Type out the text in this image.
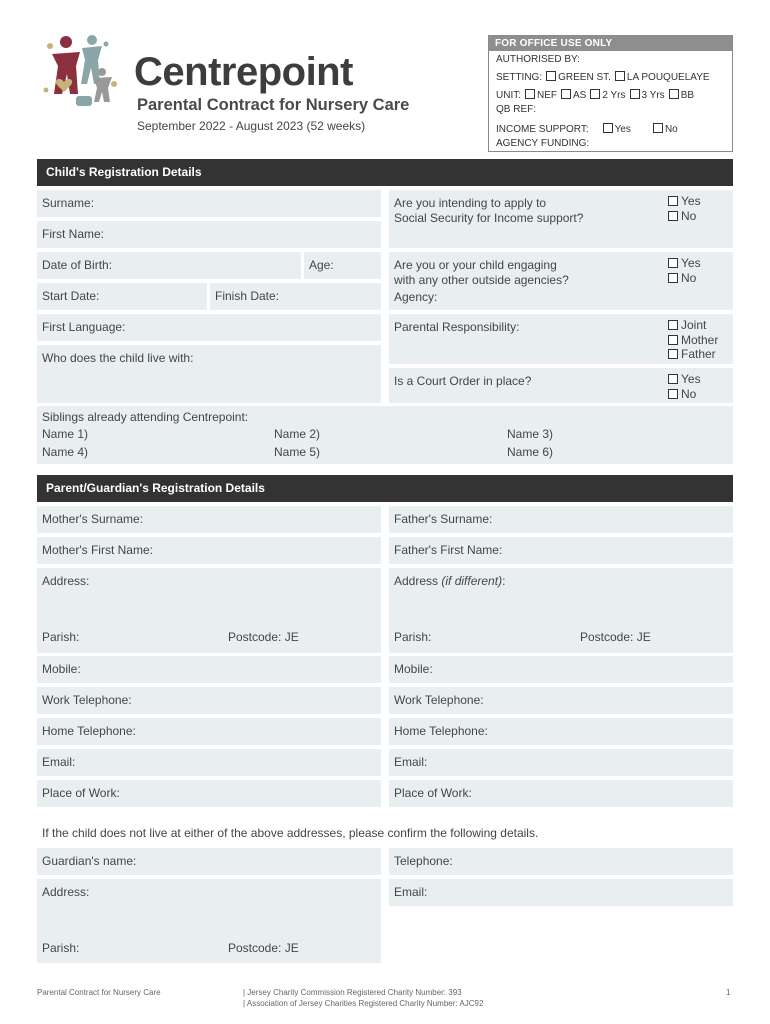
Centrepoint
Parental Contract for Nursery Care
September 2022 - August 2023 (52 weeks)
FOR OFFICE USE ONLY
AUTHORISED BY:
SETTING: GREEN ST. LA POUQUELAYE
UNIT: NEF AS 2 Yrs 3 Yrs BB
QB REF:
INCOME SUPPORT:	Yes	No
AGENCY FUNDING:
Child's Registration Details
Surname:
First Name:
Date of Birth:	Age:
Start Date:	Finish Date:
First Language:
Who does the child live with:
Are you intending to apply to
Social Security for Income support?
Yes
No
Are you or your child engaging
with any other outside agencies?
Agency:
Yes
No
Parental Responsibility:	Joint
Mother
Father
Is a Court Order in place?	Yes
No
Siblings already attending Centrepoint:
Name 1)	Name 2)	Name 3)
Name 4)	Name 5)	Name 6)
Parent/Guardian's Registration Details
Mother's Surname:
Mother's First Name:
Address:
Parish:	Postcode: JE
Mobile:
Work Telephone:
Home Telephone:
Email:
Place of Work:
Father's Surname:
Father's First Name:
Address (if different):
Parish:	Postcode: JE
Mobile:
Work Telephone:
Home Telephone:
Email:
Place of Work:
If the child does not live at either of the above addresses, please confirm the following details.
Guardian's name:
Address:
Parish:	Postcode: JE
Telephone:
Email:
Parental Contract for Nursery Care	| Jersey Charity Commission Registered Charity Number: 393
| Association of Jersey Charities Registered Charity Number: AJC92
1
